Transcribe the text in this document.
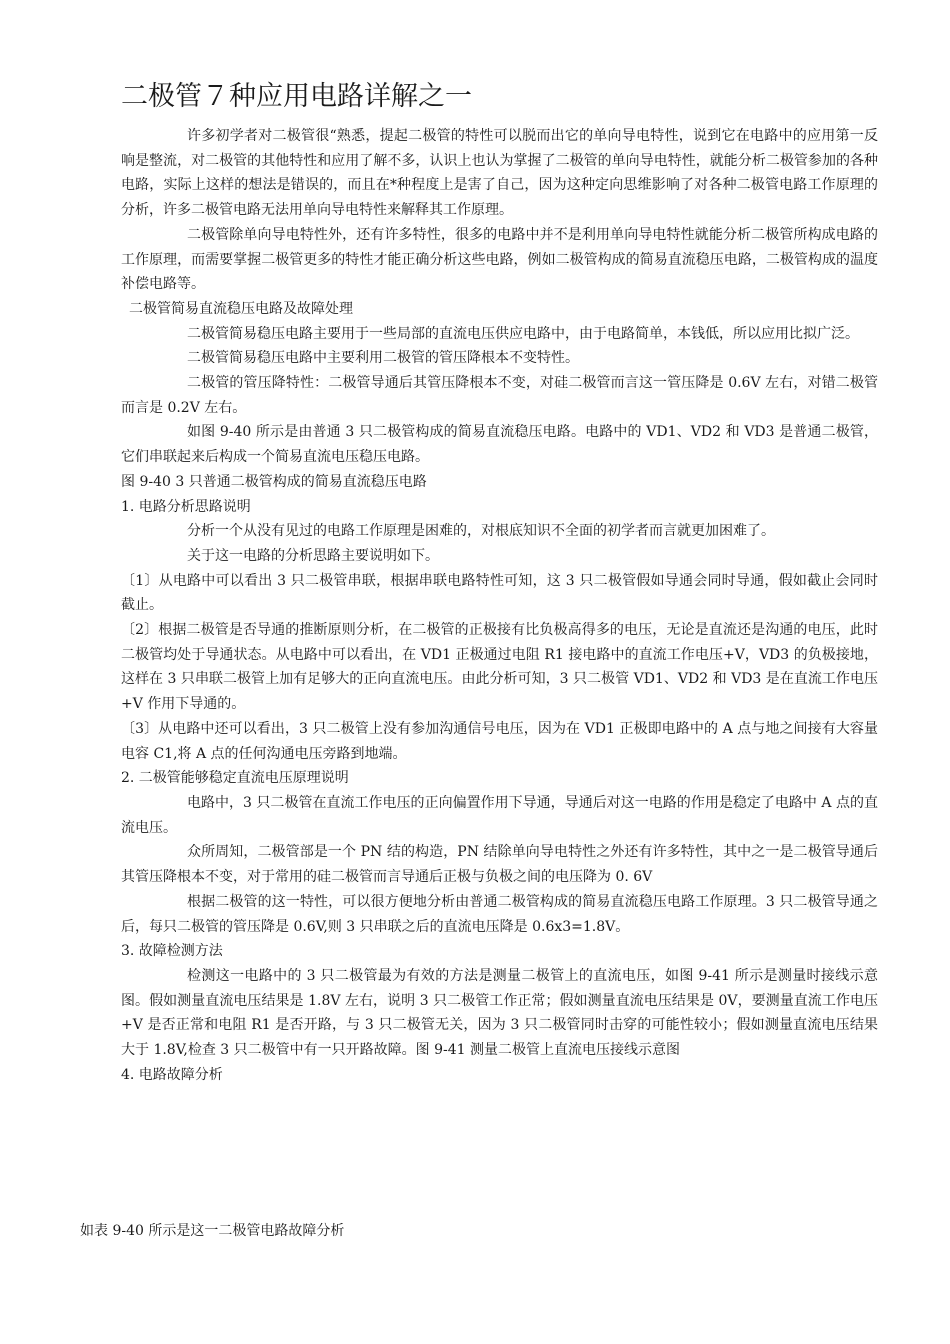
二极管７种应用电路详解之一

许多初学者对二极管很“熟悉，提起二极管的特性可以脱而出它的单向导电特性，说到它在电路中的应用第一反响是整流，对二极管的其他特性和应用了解不多，认识上也认为掌握了二极管的单向导电特性，就能分析二极管参加的各种电路，实际上这样的想法是错误的，而且在*种程度上是害了自己，因为这种定向思维影响了对各种二极管电路工作原理的分析，许多二极管电路无法用单向导电特性来解释其工作原理。

二极管除单向导电特性外，还有许多特性，很多的电路中并不是利用单向导电特性就能分析二极管所构成电路的工作原理，而需要掌握二极管更多的特性才能正确分析这些电路，例如二极管构成的简易直流稳压电路，二极管构成的温度补偿电路等。

二极管简易直流稳压电路及故障处理

二极管简易稳压电路主要用于一些局部的直流电压供应电路中，由于电路简单，本钱低，所以应用比拟广泛。

二极管简易稳压电路中主要利用二极管的管压降根本不变特性。

二极管的管压降特性：二极管导通后其管压降根本不变，对硅二极管而言这一管压降是 0.6V 左右，对错二极管而言是 0.2V 左右。

如图 9-40 所示是由普通 3 只二极管构成的简易直流稳压电路。电路中的 VD1、VD2 和 VD3 是普通二极管，它们串联起来后构成一个简易直流电压稳压电路。

图 9-40 3 只普通二极管构成的简易直流稳压电路

1. 电路分析思路说明

分析一个从没有见过的电路工作原理是困难的，对根底知识不全面的初学者而言就更加困难了。

关于这一电路的分析思路主要说明如下。

〔1〕从电路中可以看出 3 只二极管串联，根据串联电路特性可知，这 3 只二极管假如导通会同时导通，假如截止会同时截止。

〔2〕根据二极管是否导通的推断原则分析，在二极管的正极接有比负极高得多的电压，无论是直流还是沟通的电压，此时二极管均处于导通状态。从电路中可以看出，在 VD1 正极通过电阻 R1 接电路中的直流工作电压+V，VD3 的负极接地，这样在 3 只串联二极管上加有足够大的正向直流电压。由此分析可知，3 只二极管 VD1、VD2 和 VD3 是在直流工作电压+V 作用下导通的。

〔3〕从电路中还可以看出，3 只二极管上没有参加沟通信号电压，因为在 VD1 正极即电路中的 A 点与地之间接有大容量电容 C1,将 A 点的任何沟通电压旁路到地端。

2. 二极管能够稳定直流电压原理说明

电路中，3 只二极管在直流工作电压的正向偏置作用下导通，导通后对这一电路的作用是稳定了电路中 A 点的直流电压。

众所周知，二极管部是一个 PN 结的构造，PN 结除单向导电特性之外还有许多特性，其中之一是二极管导通后其管压降根本不变，对于常用的硅二极管而言导通后正极与负极之间的电压降为 0. 6V

根据二极管的这一特性，可以很方便地分析由普通二极管构成的简易直流稳压电路工作原理。3 只二极管导通之后，每只二极管的管压降是 0.6V,则 3 只串联之后的直流电压降是 0.6x3=1.8V。

3. 故障检测方法

检测这一电路中的 3 只二极管最为有效的方法是测量二极管上的直流电压，如图 9-41 所示是测量时接线示意图。假如测量直流电压结果是 1.8V 左右，说明 3 只二极管工作正常；假如测量直流电压结果是 0V，要测量直流工作电压+V 是否正常和电阻 R1 是否开路，与 3 只二极管无关，因为 3 只二极管同时击穿的可能性较小；假如测量直流电压结果大于 1.8V,检查 3 只二极管中有一只开路故障。图 9-41 测量二极管上直流电压接线示意图

4. 电路故障分析

如表 9-40 所示是这一二极管电路故障分析
